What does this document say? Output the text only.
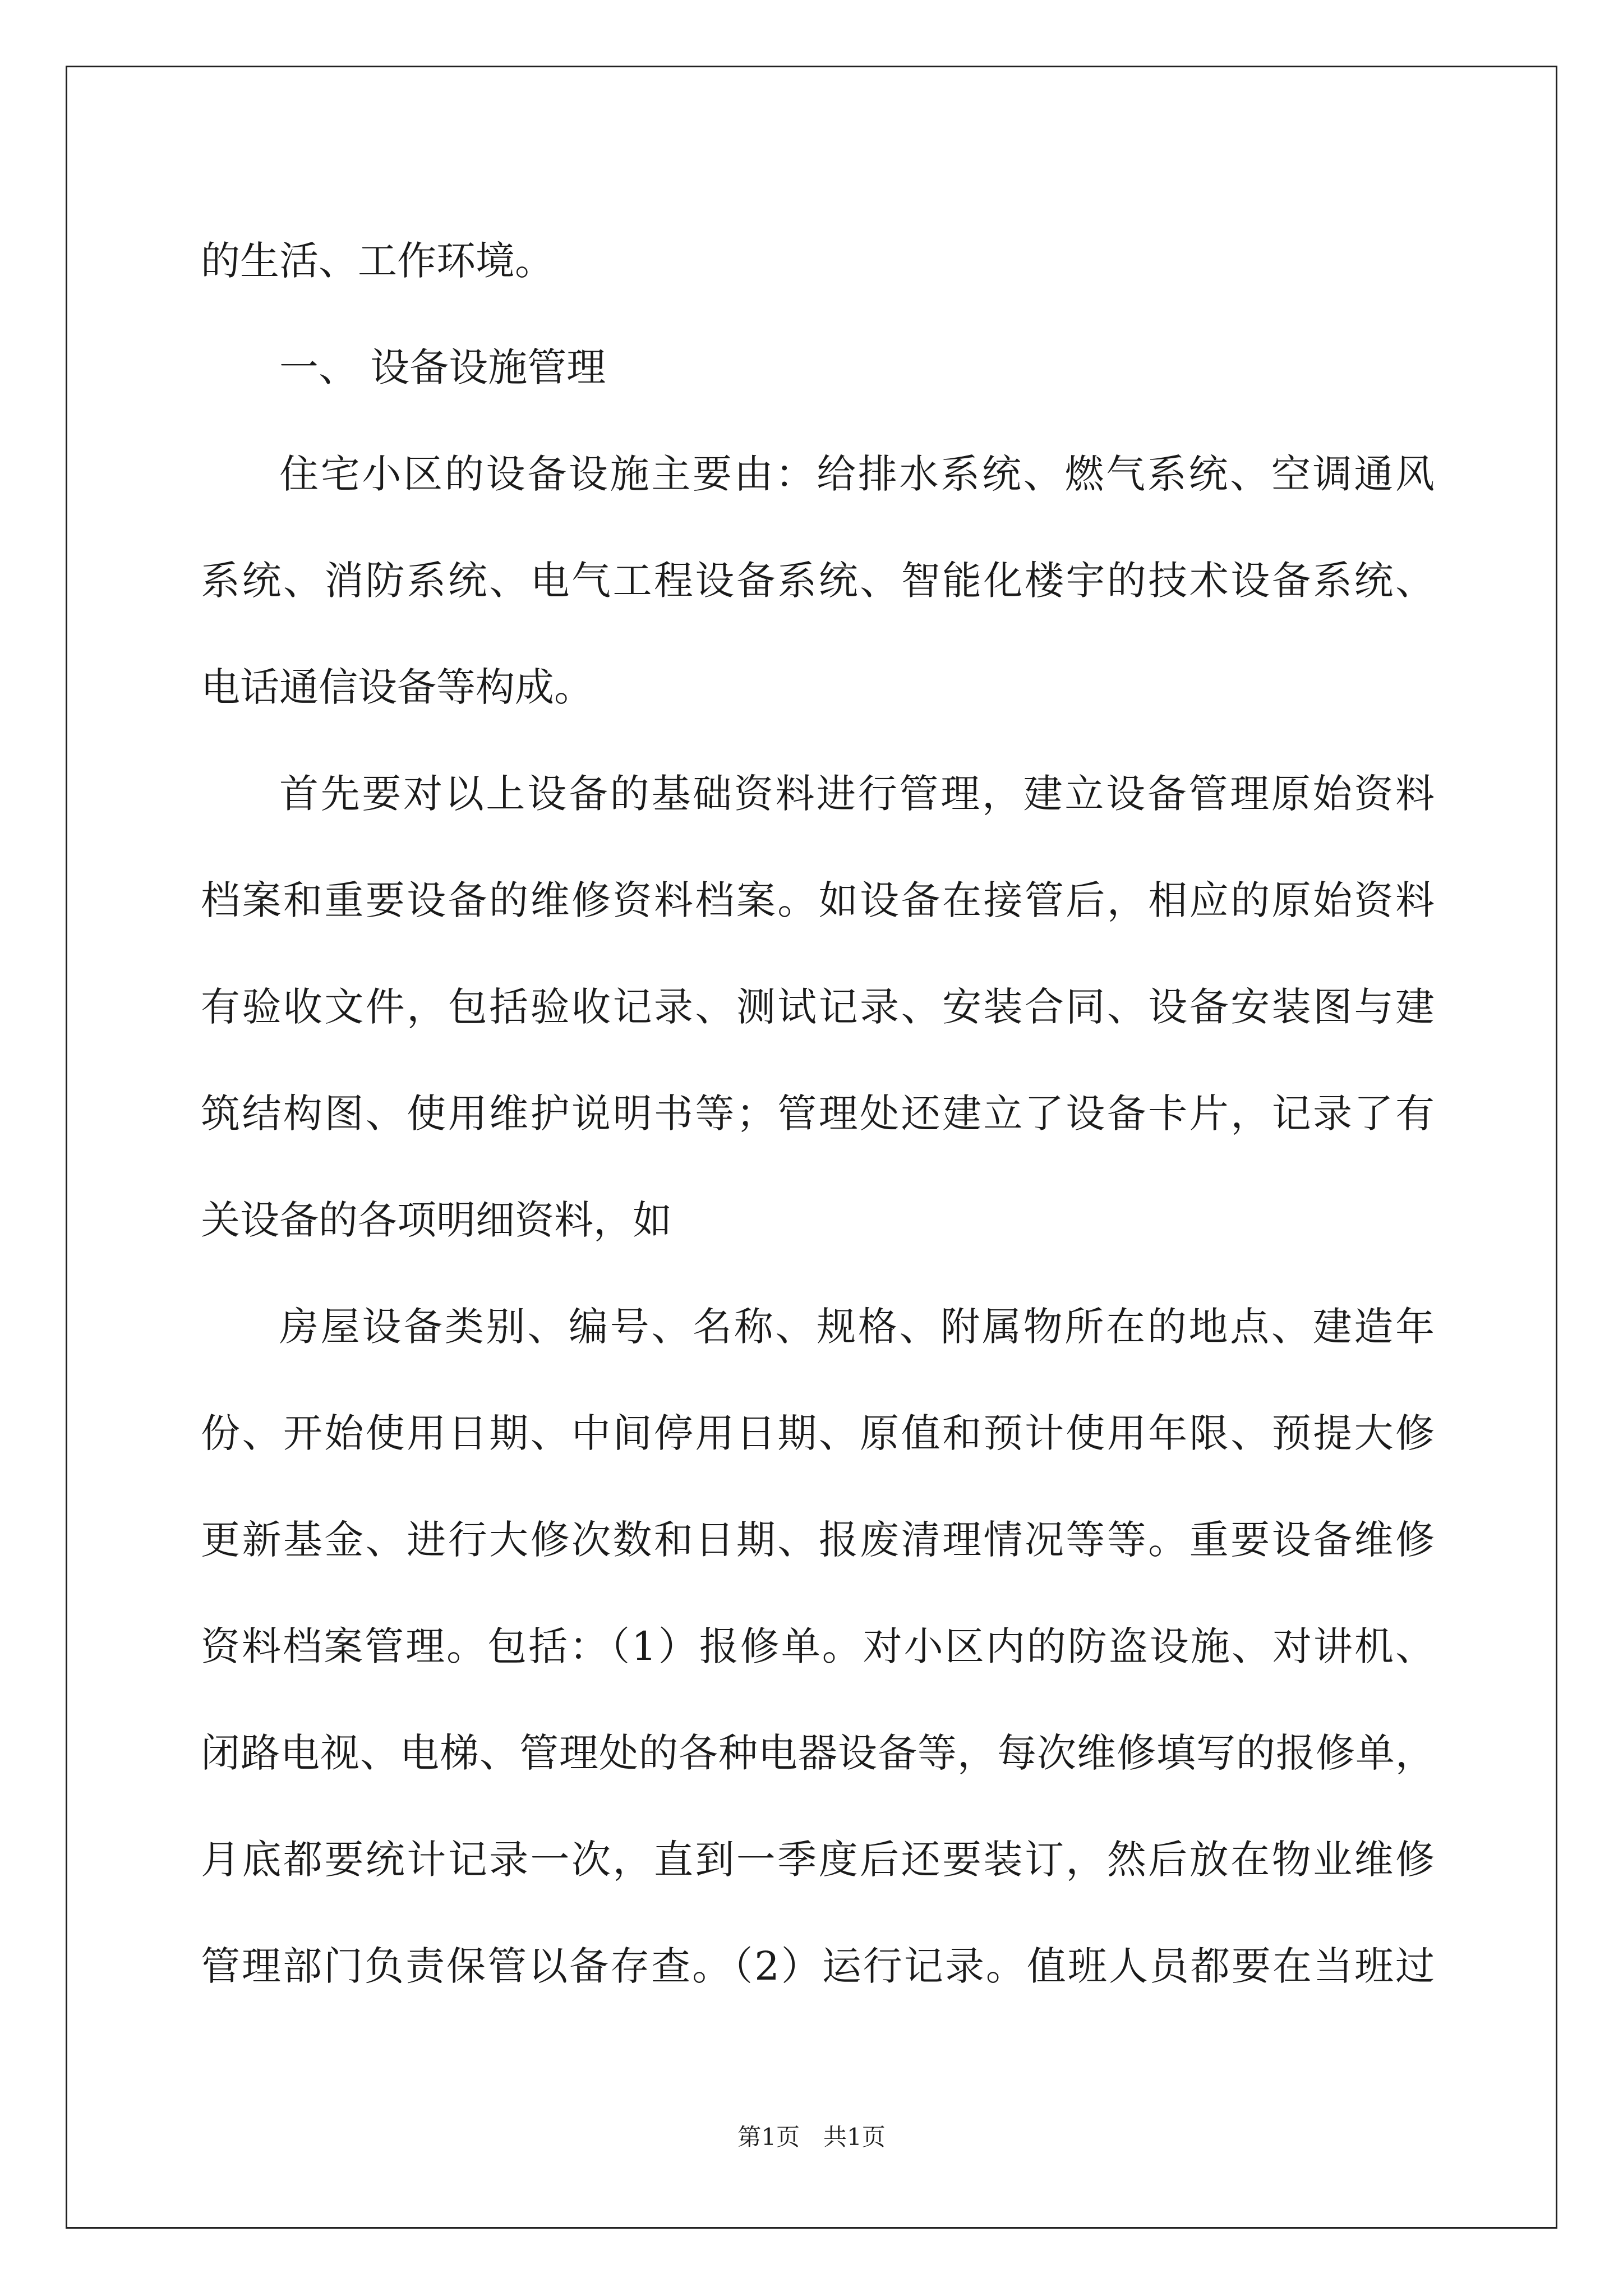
的生活、工作环境。
一、 设备设施管理
住宅小区的设备设施主要由：给排水系统、燃气系统、空调通风
系统、消防系统、电气工程设备系统、智能化楼宇的技术设备系统、
电话通信设备等构成。
首先要对以上设备的基础资料进行管理，建立设备管理原始资料
档案和重要设备的维修资料档案。如设备在接管后，相应的原始资料
有验收文件，包括验收记录、测试记录、安装合同、设备安装图与建
筑结构图、使用维护说明书等；管理处还建立了设备卡片，记录了有
关设备的各项明细资料，如
房屋设备类别、编号、名称、规格、附属物所在的地点、建造年
份、开始使用日期、中间停用日期、原值和预计使用年限、预提大修
更新基金、进行大修次数和日期、报废清理情况等等。重要设备维修
资料档案管理。包括：（1）报修单。对小区内的防盗设施、对讲机、
闭路电视、电梯、管理处的各种电器设备等，每次维修填写的报修单，
月底都要统计记录一次，直到一季度后还要装订，然后放在物业维修
管理部门负责保管以备存查。（2）运行记录。值班人员都要在当班过
第1页　共1页
